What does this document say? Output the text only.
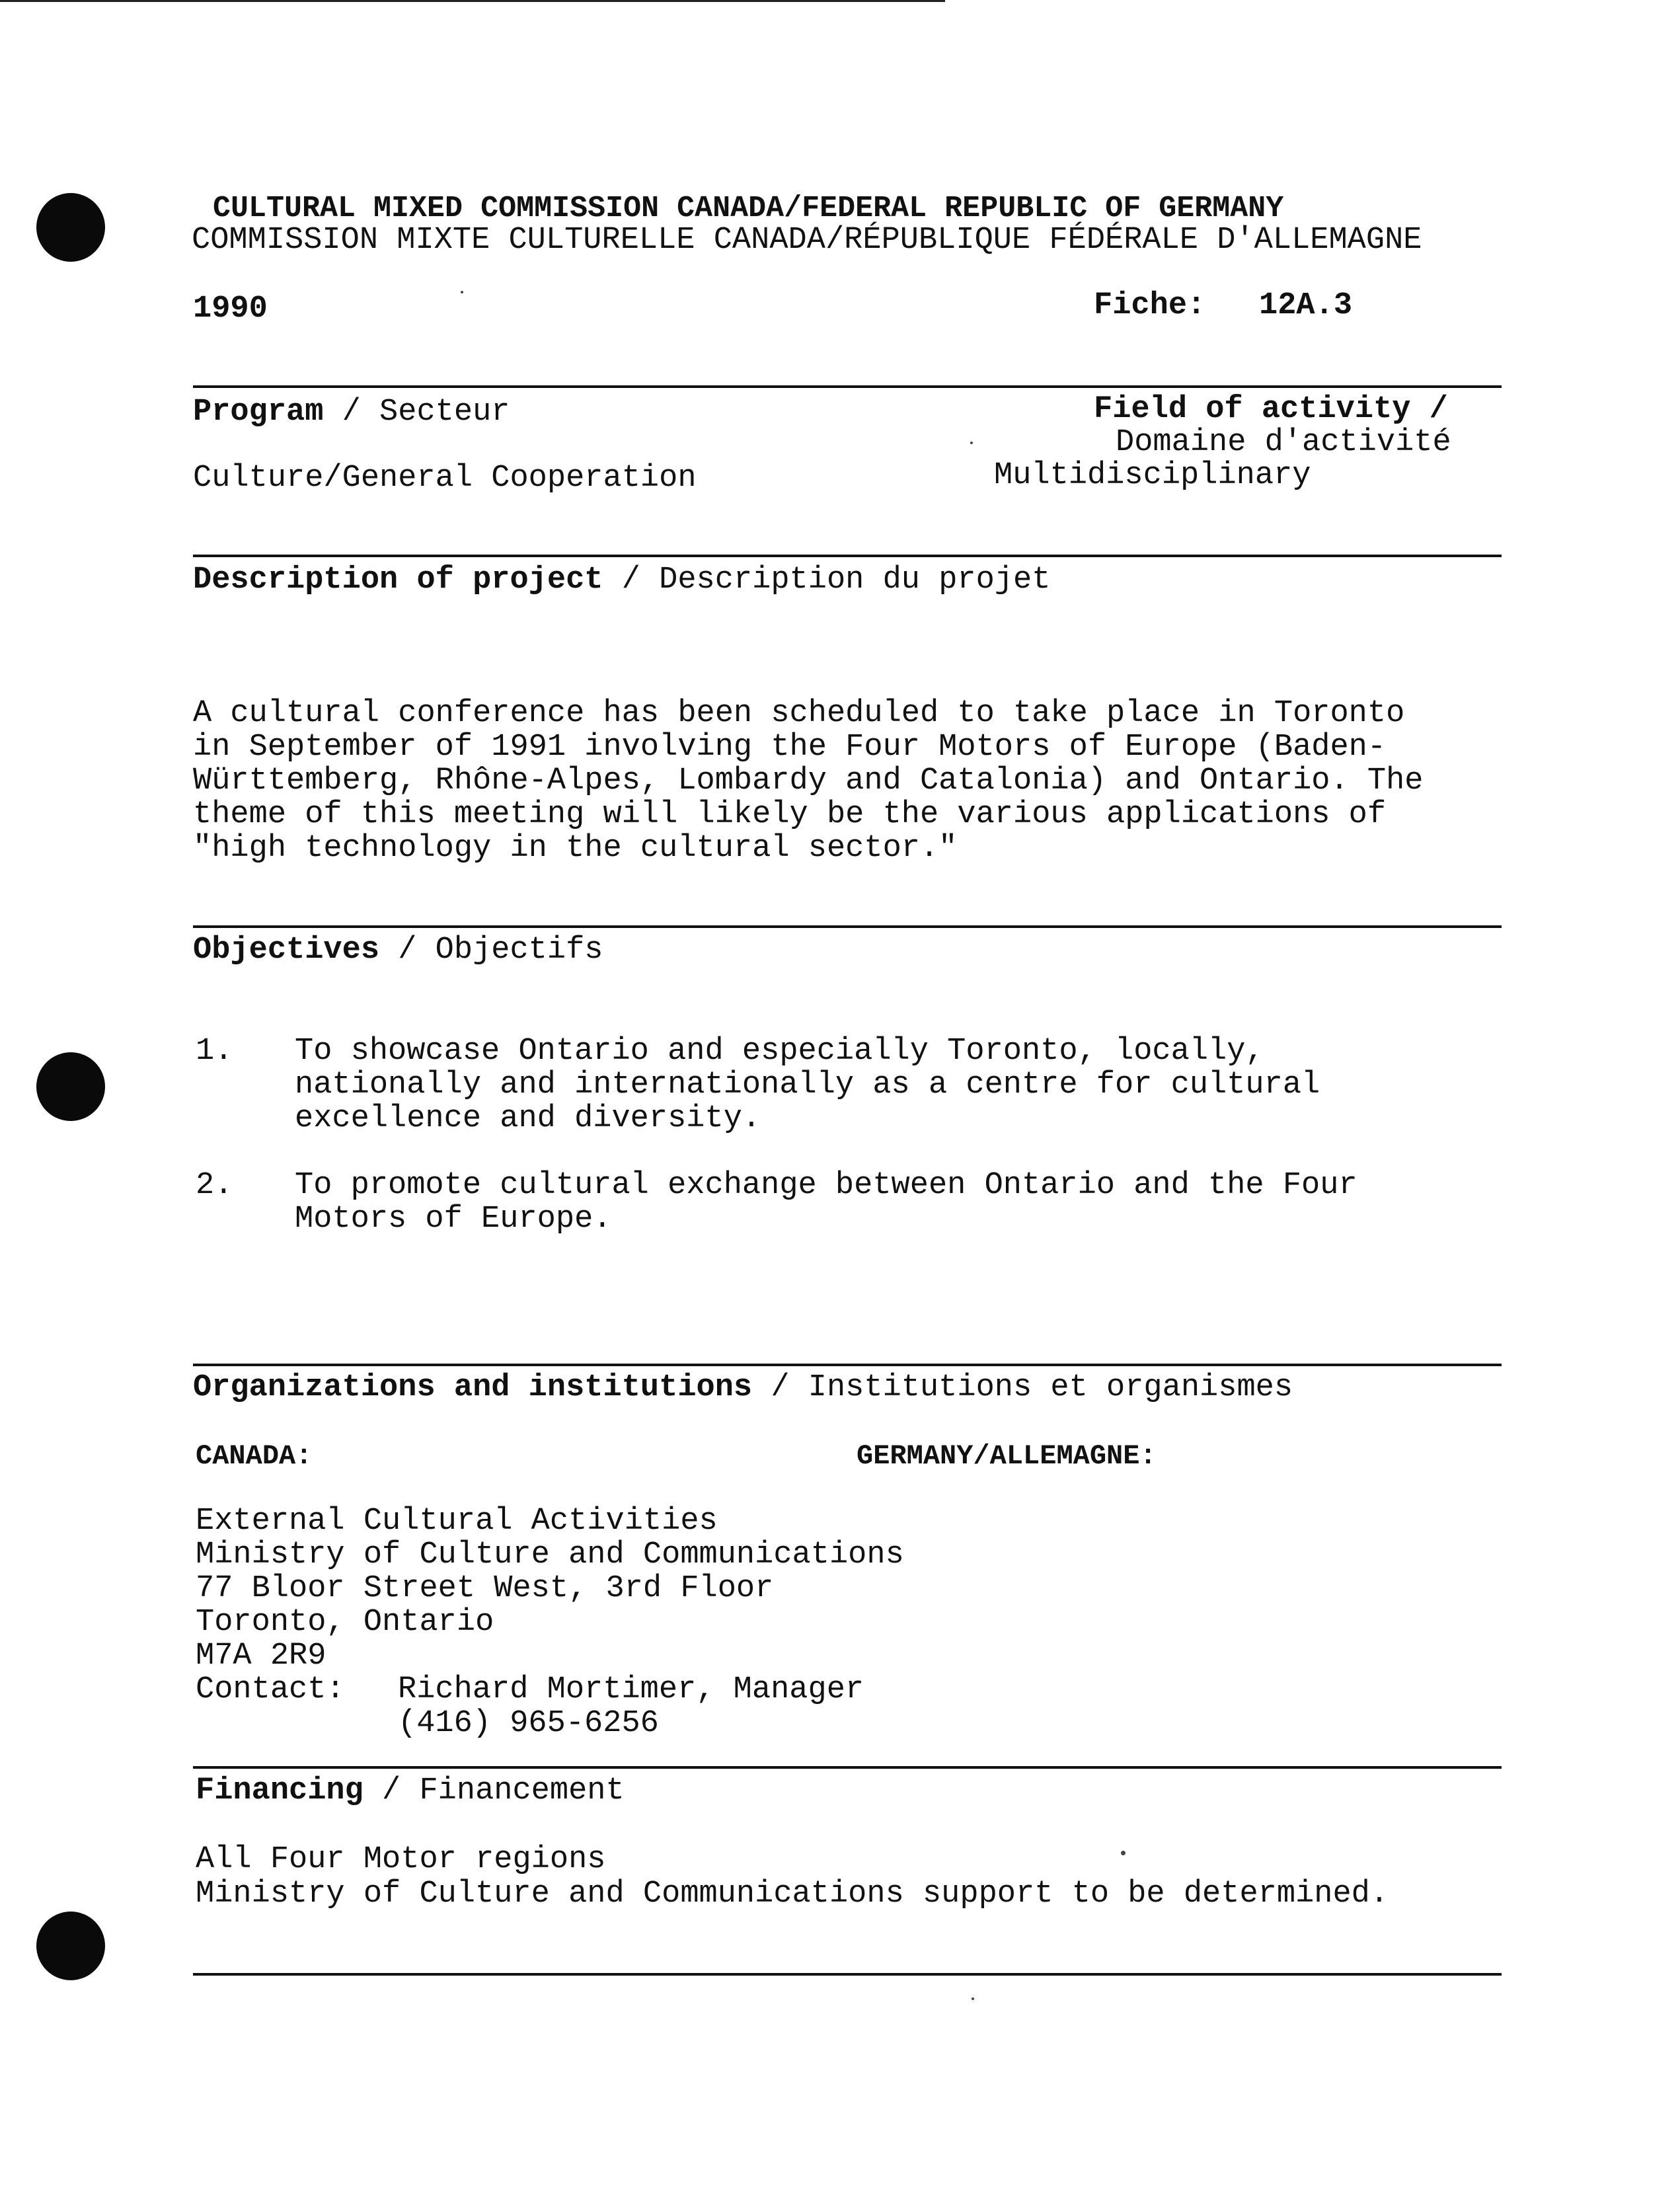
CULTURAL MIXED COMMISSION CANADA/FEDERAL REPUBLIC OF GERMANY
COMMISSION MIXTE CULTURELLE CANADA/RÉPUBLIQUE FÉDÉRALE D'ALLEMAGNE
1990	Fiche: 12A.3
Program / Secteur	Field of activity /
Domaine d'activité
Culture/General Cooperation	Multidisciplinary
Description of project / Description du projet

A cultural conference has been scheduled to take place in Toronto

in September of 1991 involving the Four Motors of Europe (Baden-

Württemberg, Rhône-Alpes, Lombardy and Catalonia) and Ontario. The

theme of this meeting will likely be the various applications of

"high technology in the cultural sector."

Objectives / Objectifs
1. To showcase Ontario and especially Toronto, locally,

nationally and internationally as a centre for cultural

excellence and diversity.

2. To promote cultural exchange between Ontario and the Four

Motors of Europe.

Organizations and institutions / Institutions et organismes
CANADA:	GERMANY/ALLEMAGNE:
External Cultural Activities
Ministry of Culture and Communications
77 Bloor Street West, 3rd Floor
Toronto, Ontario
M7A 2R9
Contact: Richard Mortimer, Manager
(416) 965-6256
Financing / Financement
All Four Motor regions
Ministry of Culture and Communications support to be determined.
